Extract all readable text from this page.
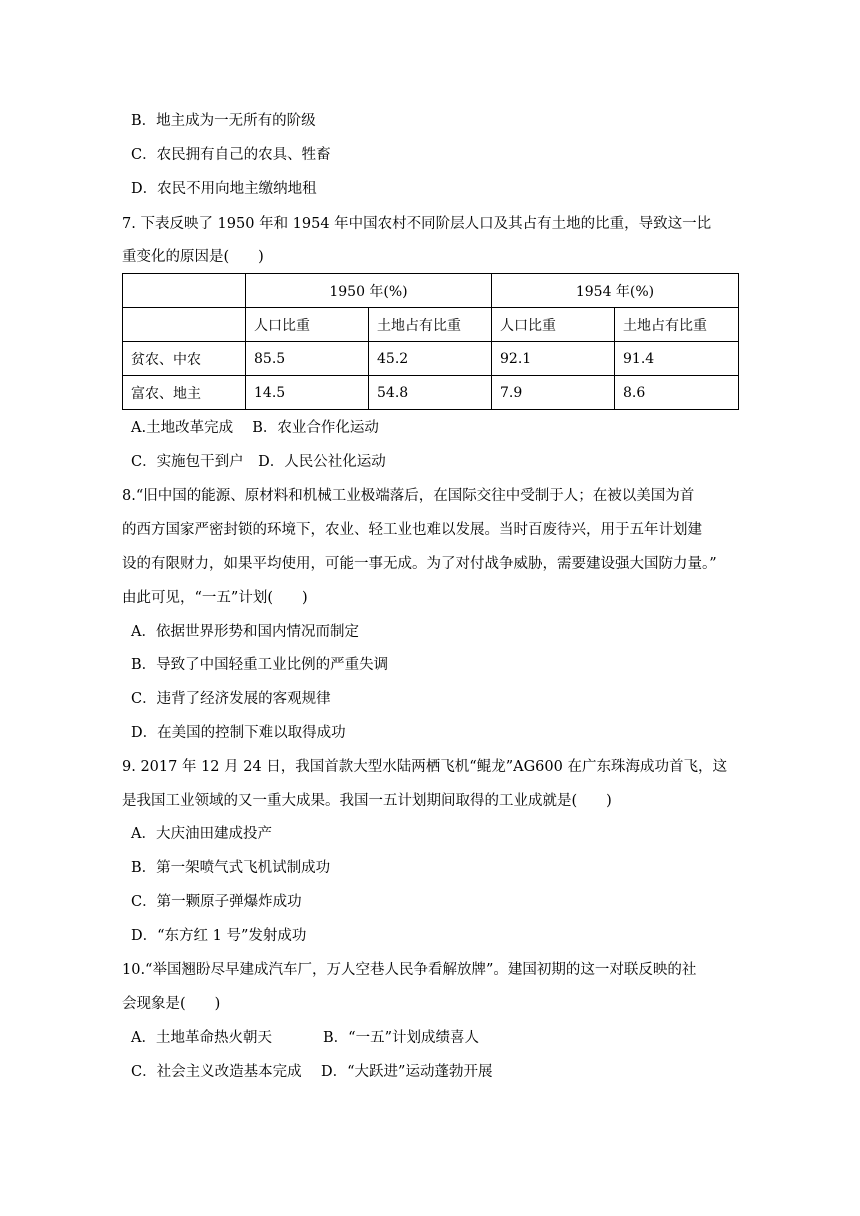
B．地主成为一无所有的阶级
C．农民拥有自己的农具、牲畜
D．农民不用向地主缴纳地租
7. 下表反映了 1950 年和 1954 年中国农村不同阶层人口及其占有土地的比重，导致这一比
重变化的原因是(　　)
	1950 年(%)		1954 年(%)	
	人口比重	土地占有比重	人口比重	土地占有比重
贫农、中农	85.5	45.2	92.1	91.4
富农、地主	14.5	54.8	7.9	8.6
A.土地改革完成　 B．农业合作化运动
C．实施包干到户　D．人民公社化运动
8.“旧中国的能源、原材料和机械工业极端落后，在国际交往中受制于人；在被以美国为首
的西方国家严密封锁的环境下，农业、轻工业也难以发展。当时百废待兴，用于五年计划建
设的有限财力，如果平均使用，可能一事无成。为了对付战争威胁，需要建设强大国防力量。”
由此可见，“一五”计划(　　)
A．依据世界形势和国内情况而制定
B．导致了中国轻重工业比例的严重失调
C．违背了经济发展的客观规律
D．在美国的控制下难以取得成功
9. 2017 年 12 月 24 日，我国首款大型水陆两栖飞机“鲲龙”AG600 在广东珠海成功首飞，这
是我国工业领域的又一重大成果。我国一五计划期间取得的工业成就是(　　)
A．大庆油田建成投产
B．第一架喷气式飞机试制成功
C．第一颗原子弹爆炸成功
D．“东方红 1 号”发射成功
10.“举国翘盼尽早建成汽车厂，万人空巷人民争看解放牌”。建国初期的这一对联反映的社
会现象是(　　)
A．土地革命热火朝天	B．“一五”计划成绩喜人
C．社会主义改造基本完成 D．“大跃进”运动蓬勃开展
